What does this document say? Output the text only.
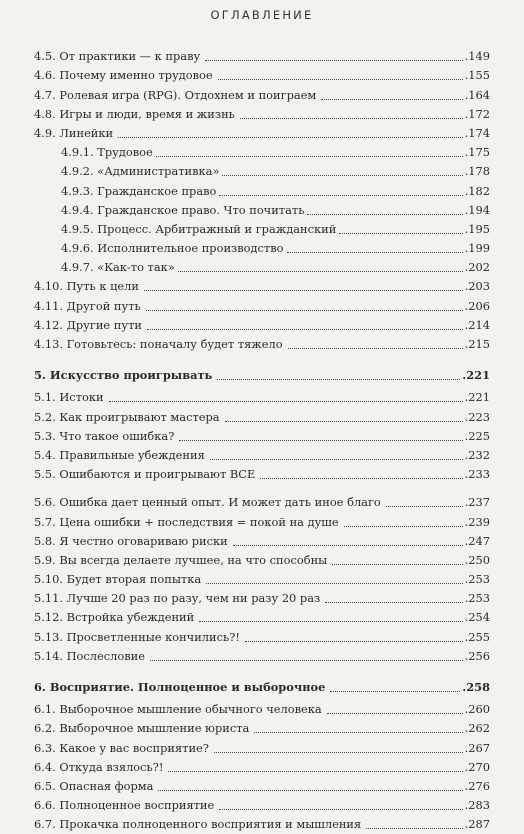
ОГЛАВЛЕНИЕ
4.5. От практики — к праву	.149
4.6. Почему именно трудовое	.155
4.7. Ролевая игра (RPG). Отдохнем и поиграем	.164
4.8. Игры и люди, время и жизнь	.172
4.9. Линейки	.174
4.9.1. Трудовое	.175
4.9.2. «Административка»	.178
4.9.3. Гражданское право	.182
4.9.4. Гражданское право. Что почитать	.194
4.9.5. Процесс. Арбитражный и гражданский	.195
4.9.6. Исполнительное производство	.199
4.9.7. «Как-то так»	.202
4.10. Путь к цели	.203
4.11. Другой путь	.206
4.12. Другие пути	.214
4.13. Готовьтесь: поначалу будет тяжело	.215
5. Искусство проигрывать	.221
5.1. Истоки	.221
5.2. Как проигрывают мастера	.223
5.3. Что такое ошибка?	.225
5.4. Правильные убеждения	.232
5.5. Ошибаются и проигрывают ВСЕ	.233
5.6. Ошибка дает ценный опыт. И может дать иное благо	.237
5.7. Цена ошибки + последствия = покой на душе	.239
5.8. Я честно оговариваю риски	.247
5.9. Вы всегда делаете лучшее, на что способны	.250
5.10. Будет вторая попытка	.253
5.11. Лучше 20 раз по разу, чем ни разу 20 раз	.253
5.12. Встройка убеждений	.254
5.13. Просветленные кончились?!	.255
5.14. Послесловие	.256
6. Восприятие. Полноценное и выборочное	.258
6.1. Выборочное мышление обычного человека	.260
6.2. Выборочное мышление юриста	.262
6.3. Какое у вас восприятие?	.267
6.4. Откуда взялось?!	.270
6.5. Опасная форма	.276
6.6. Полноценное восприятие	.283
6.7. Прокачка полноценного восприятия и мышления	.287
